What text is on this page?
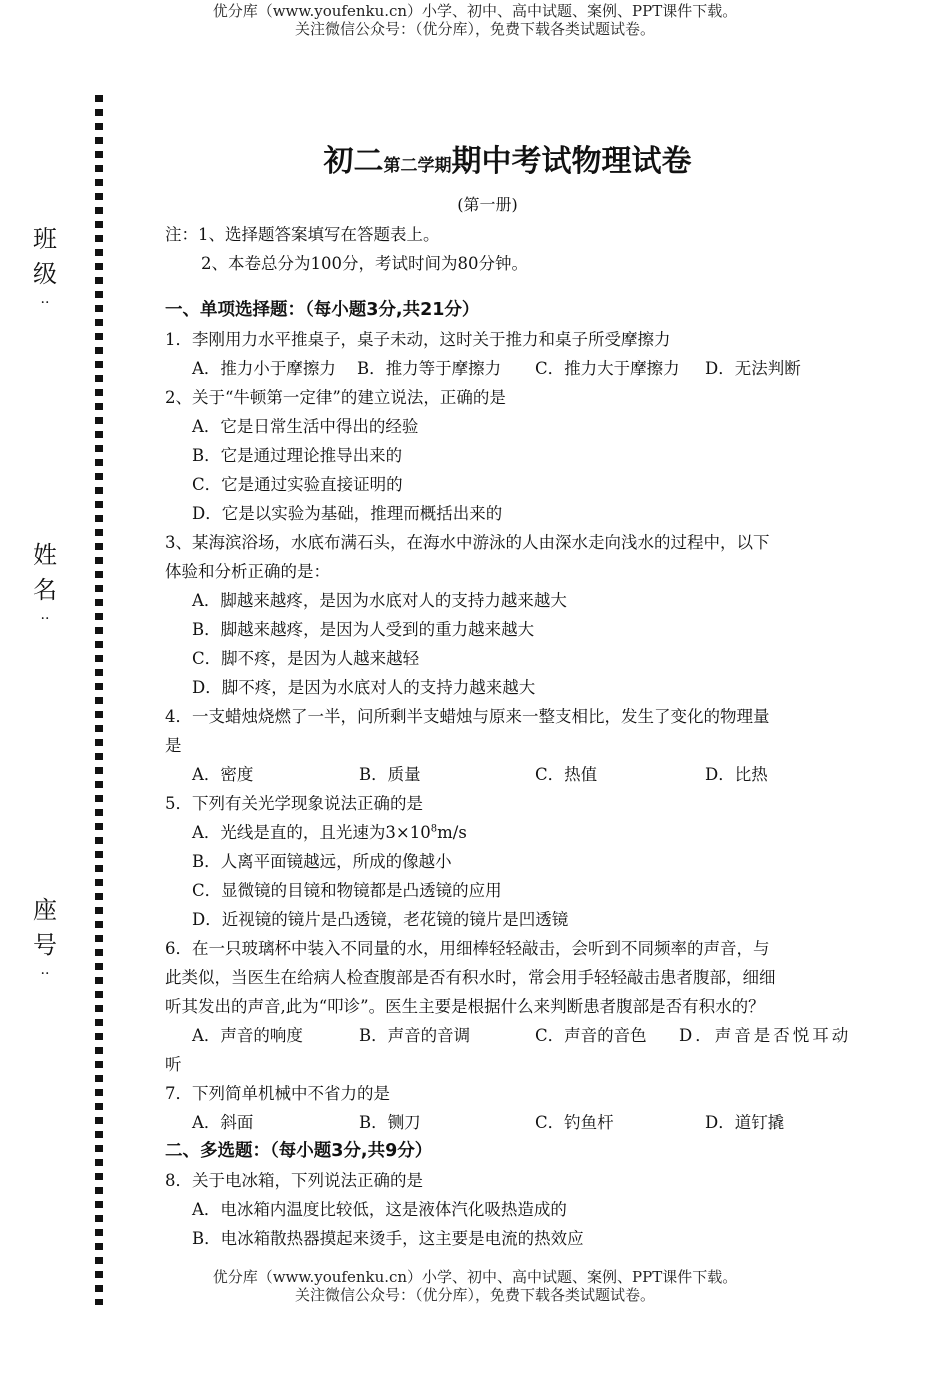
优分库（www.youfenku.cn）小学、初中、高中试题、案例、PPT课件下载。
关注微信公众号：（优分库），免费下载各类试题试卷。
班
级
..
姓
名
..
座
号
..
初二第二学期期中考试物理试卷
(第一册)
注：1、选择题答案填写在答题表上。
2、本卷总分为100分，考试时间为80分钟。
一、单项选择题：（每小题3分,共21分）
1．李刚用力水平推桌子，桌子未动，这时关于推力和桌子所受摩擦力
A．推力小于摩擦力	B．推力等于摩擦力	C．推力大于摩擦力	D．无法判断
2、关于“牛顿第一定律”的建立说法，正确的是
A．它是日常生活中得出的经验
B．它是通过理论推导出来的
C．它是通过实验直接证明的
D．它是以实验为基础，推理而概括出来的
3、某海滨浴场，水底布满石头，在海水中游泳的人由深水走向浅水的过程中，以下
体验和分析正确的是：
A．脚越来越疼，是因为水底对人的支持力越来越大
B．脚越来越疼，是因为人受到的重力越来越大
C．脚不疼，是因为人越来越轻
D．脚不疼，是因为水底对人的支持力越来越大
4．一支蜡烛烧燃了一半，问所剩半支蜡烛与原来一整支相比，发生了变化的物理量
是
A．密度	B．质量	C．热值	D．比热
5．下列有关光学现象说法正确的是
A．光线是直的，且光速为$3\times 10^8m/s$
B．人离平面镜越远，所成的像越小
C．显微镜的目镜和物镜都是凸透镜的应用
D．近视镜的镜片是凸透镜，老花镜的镜片是凹透镜
6．在一只玻璃杯中装入不同量的水，用细棒轻轻敲击，会听到不同频率的声音，与
此类似，当医生在给病人检查腹部是否有积水时，常会用手轻轻敲击患者腹部，细细
听其发出的声音,此为“叩诊”。医生主要是根据什么来判断患者腹部是否有积水的？
A．声音的响度	B．声音的音调	C．声音的音色	D．声音是否悦耳动
听
7．下列简单机械中不省力的是
A．斜面	B．铡刀	C．钓鱼杆	D．道钉撬
二、多选题：（每小题3分,共9分）
8．关于电冰箱，下列说法正确的是
A．电冰箱内温度比较低，这是液体汽化吸热造成的
B．电冰箱散热器摸起来烫手，这主要是电流的热效应
优分库（www.youfenku.cn）小学、初中、高中试题、案例、PPT课件下载。
关注微信公众号：（优分库），免费下载各类试题试卷。
